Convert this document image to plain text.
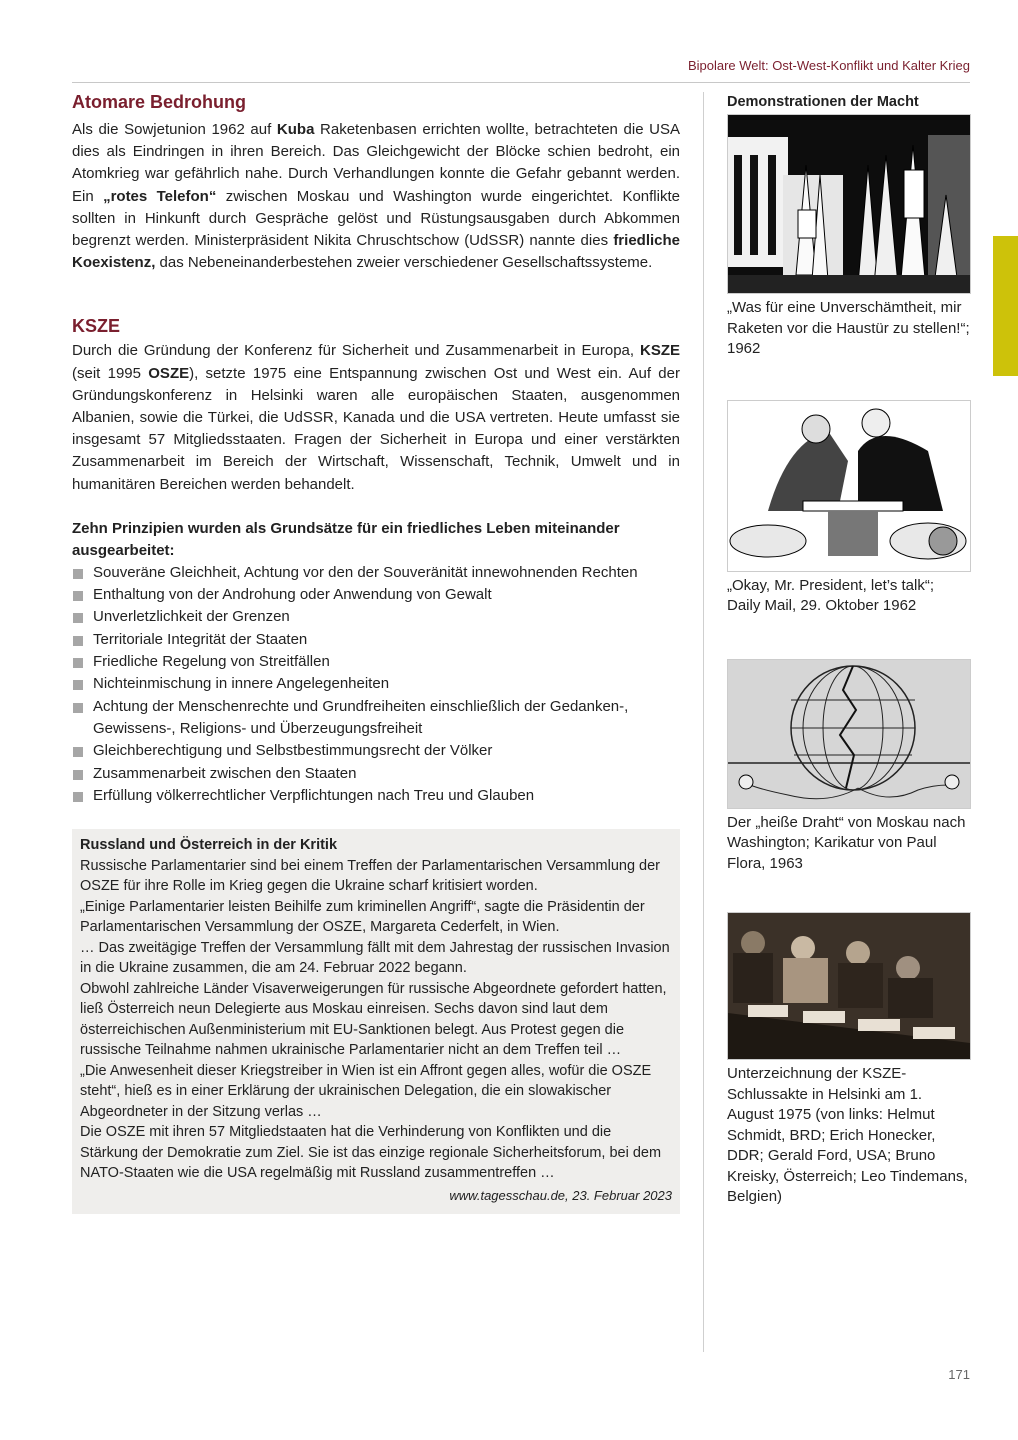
Bipolare Welt: Ost-West-Konflikt und Kalter Krieg
Atomare Bedrohung

Als die Sowjetunion 1962 auf Kuba Raketenbasen errichten wollte, betrachteten die USA dies als Eindringen in ihren Bereich. Das Gleichgewicht der Blöcke schien bedroht, ein Atomkrieg war gefährlich nahe. Durch Verhandlungen konnte die Gefahr gebannt werden. Ein „rotes Telefon“ zwischen Moskau und Washington wurde eingerichtet. Konflikte sollten in Hinkunft durch Gespräche gelöst und Rüstungsausgaben durch Abkommen begrenzt werden. Ministerpräsident Nikita Chruschtschow (UdSSR) nannte dies friedliche Koexistenz, das Nebeneinanderbestehen zweier verschiedener Gesellschaftssysteme.

KSZE

Durch die Gründung der Konferenz für Sicherheit und Zusammenarbeit in Europa, KSZE (seit 1995 OSZE), setzte 1975 eine Entspannung zwischen Ost und West ein. Auf der Gründungskonferenz in Helsinki waren alle europäischen Staaten, ausgenommen Albanien, sowie die Türkei, die UdSSR, Kanada und die USA vertreten. Heute umfasst sie insgesamt 57 Mitgliedsstaaten. Fragen der Sicherheit in Europa und einer verstärkten Zusammenarbeit im Bereich der Wirtschaft, Wissenschaft, Technik, Umwelt und in humanitären Bereichen werden behandelt.

Zehn Prinzipien wurden als Grundsätze für ein friedliches Leben miteinander ausgearbeitet:

Souveräne Gleichheit, Achtung vor den der Souveränität innewohnenden Rechten
Enthaltung von der Androhung oder Anwendung von Gewalt
Unverletzlichkeit der Grenzen
Territoriale Integrität der Staaten
Friedliche Regelung von Streitfällen
Nichteinmischung in innere Angelegenheiten
Achtung der Menschenrechte und Grundfreiheiten einschließlich der Gedanken-, Gewissens-, Religions- und Überzeugungsfreiheit
Gleichberechtigung und Selbstbestimmungsrecht der Völker
Zusammenarbeit zwischen den Staaten
Erfüllung völkerrechtlicher Verpflichtungen nach Treu und Glauben
Russland und Österreich in der Kritik

Russische Parlamentarier sind bei einem Treffen der Parlamentarischen Versammlung der OSZE für ihre Rolle im Krieg gegen die Ukraine scharf kritisiert worden.

„Einige Parlamentarier leisten Beihilfe zum kriminellen Angriff“, sagte die Präsidentin der Parlamentarischen Versammlung der OSZE, Margareta Cederfelt, in Wien.

… Das zweitägige Treffen der Versammlung fällt mit dem Jahrestag der russischen Invasion in die Ukraine zusammen, die am 24. Februar 2022 begann.

Obwohl zahlreiche Länder Visaverweigerungen für russische Abgeordnete gefordert hatten, ließ Österreich neun Delegierte aus Moskau einreisen. Sechs davon sind laut dem österreichischen Außenministerium mit EU-Sanktionen belegt. Aus Protest gegen die russische Teilnahme nahmen ukrainische Parlamentarier nicht an dem Treffen teil …

„Die Anwesenheit dieser Kriegstreiber in Wien ist ein Affront gegen alles, wofür die OSZE steht“, hieß es in einer Erklärung der ukrainischen Delegation, die ein slowakischer Abgeordneter in der Sitzung verlas …

Die OSZE mit ihren 57 Mitgliedstaaten hat die Verhinderung von Konflikten und die Stärkung der Demokratie zum Ziel. Sie ist das einzige regionale Sicherheitsforum, bei dem NATO-Staaten wie die USA regelmäßig mit Russland zusammentreffen …

www.tagesschau.de, 23. Februar 2023

Demonstrationen der Macht

„Was für eine Unverschämtheit, mir Raketen vor die Haustür zu stellen!“; 1962

„Okay, Mr. President, let’s talk“; Daily Mail, 29. Oktober 1962

Der „heiße Draht“ von Moskau nach Washington; Karikatur von Paul Flora, 1963

Unterzeichnung der KSZE-Schlussakte in Helsinki am 1. August 1975 (von links: Helmut Schmidt, BRD; Erich Honecker, DDR; Gerald Ford, USA; Bruno Kreisky, Österreich; Leo Tindemans, Belgien)

171
